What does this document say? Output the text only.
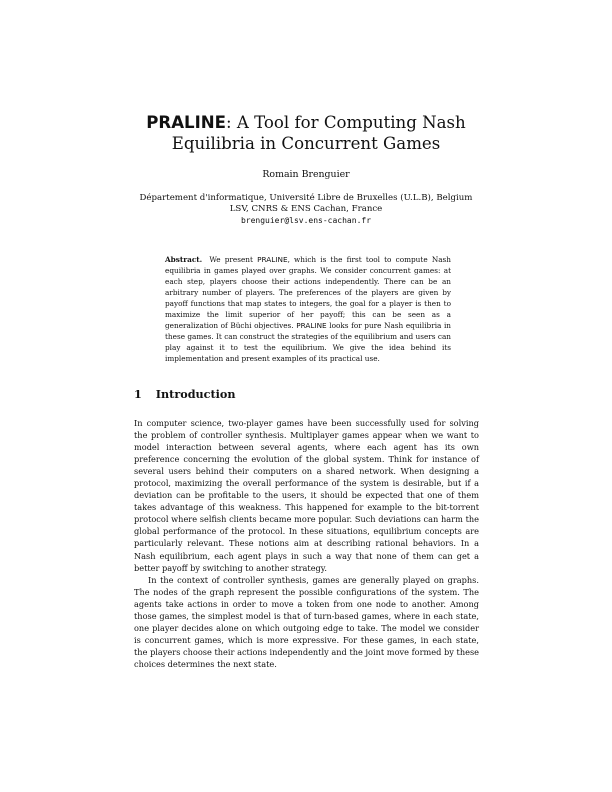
PRALINE: A Tool for Computing Nash
Equilibria in Concurrent Games
Romain Brenguier
Département d'informatique, Université Libre de Bruxelles (U.L.B), Belgium
LSV, CNRS & ENS Cachan, France
brenguier@lsv.ens-cachan.fr
Abstract. We present PRALINE, which is the first tool to compute Nash equilibria in games played over graphs. We consider concurrent games: at each step, players choose their actions independently. There can be an arbitrary number of players. The preferences of the players are given by payoff functions that map states to integers, the goal for a player is then to maximize the limit superior of her payoff; this can be seen as a generalization of Büchi objectives. PRALINE looks for pure Nash equilibria in these games. It can construct the strategies of the equilibrium and users can play against it to test the equilibrium. We give the idea behind its implementation and present examples of its practical use.
1 Introduction

In computer science, two-player games have been successfully used for solving the problem of controller synthesis. Multiplayer games appear when we want to model interaction between several agents, where each agent has its own preference concerning the evolution of the global system. Think for instance of several users behind their computers on a shared network. When designing a protocol, maximizing the overall performance of the system is desirable, but if a deviation can be profitable to the users, it should be expected that one of them takes advantage of this weakness. This happened for example to the bit-torrent protocol where selfish clients became more popular. Such deviations can harm the global performance of the protocol. In these situations, equilibrium concepts are particularly relevant. These notions aim at describing rational behaviors. In a Nash equilibrium, each agent plays in such a way that none of them can get a better payoff by switching to another strategy.

In the context of controller synthesis, games are generally played on graphs. The nodes of the graph represent the possible configurations of the system. The agents take actions in order to move a token from one node to another. Among those games, the simplest model is that of turn-based games, where in each state, one player decides alone on which outgoing edge to take. The model we consider is concurrent games, which is more expressive. For these games, in each state, the players choose their actions independently and the joint move formed by these choices determines the next state.
